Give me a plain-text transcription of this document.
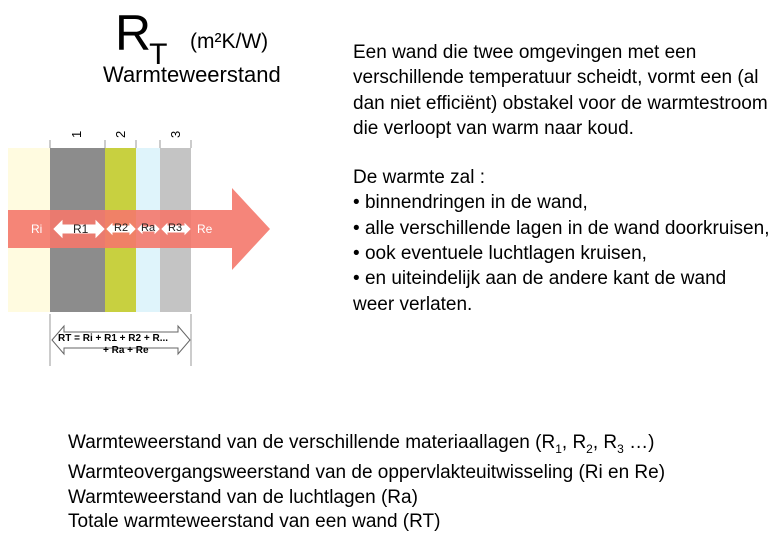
$R_T$ (m²K/W)
Warmteweerstand
RT = Ri + R1 + R2 + R...
+ Ra + Re
1 2	3
Ri	R1 R2 Ra R3 Re

Een wand die twee omgevingen met een verschillende temperatuur scheidt, vormt een (al dan niet efficiënt) obstakel voor de warmtestroom die verloopt van warm naar koud.

De warmte zal :

• binnendringen in de wand,
• alle verschillende lagen in de wand doorkruisen,
• ook eventuele luchtlagen kruisen,
• en uiteindelijk aan de andere kant de wand weer verlaten.
Warmteweerstand van de verschillende materiaallagen ($R_1$, $R_2$, $R_3$ …)
Warmteovergangsweerstand van de oppervlakteuitwisseling (Ri en Re)
Warmteweerstand van de luchtlagen (Ra)
Totale warmteweerstand van een wand (RT)
